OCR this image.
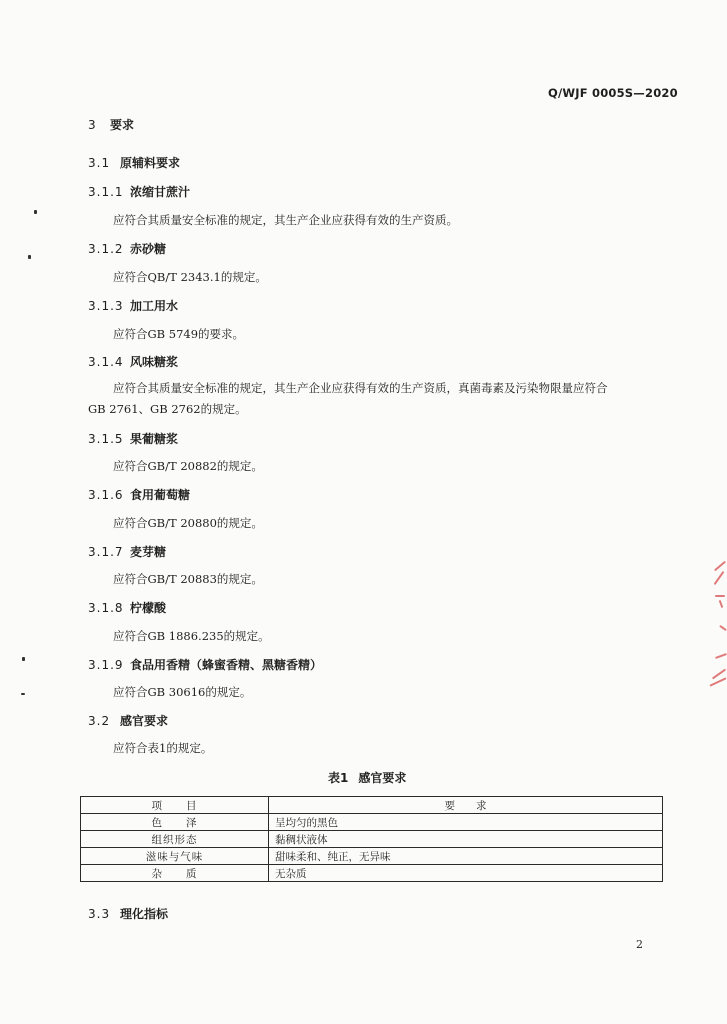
Q/WJF 0005S—2020
3 要求
3.1 原辅料要求
3.1.1 浓缩甘蔗汁
应符合其质量安全标准的规定，其生产企业应获得有效的生产资质。
3.1.2 赤砂糖
应符合QB/T 2343.1的规定。
3.1.3 加工用水
应符合GB 5749的要求。
3.1.4 风味糖浆
应符合其质量安全标准的规定，其生产企业应获得有效的生产资质，真菌毒素及污染物限量应符合
GB 2761、GB 2762的规定。
3.1.5 果葡糖浆
应符合GB/T 20882的规定。
3.1.6 食用葡萄糖
应符合GB/T 20880的规定。
3.1.7 麦芽糖
应符合GB/T 20883的规定。
3.1.8 柠檬酸
应符合GB 1886.235的规定。
3.1.9 食品用香精（蜂蜜香精、黑糖香精）
应符合GB 30616的规定。
3.2 感官要求
应符合表1的规定。
表1 感官要求
项　　目	要　　求
色　　泽	呈均匀的黑色
组织形态	黏稠状液体
滋味与气味	甜味柔和、纯正，无异味
杂　　质	无杂质
3.3 理化指标
2
